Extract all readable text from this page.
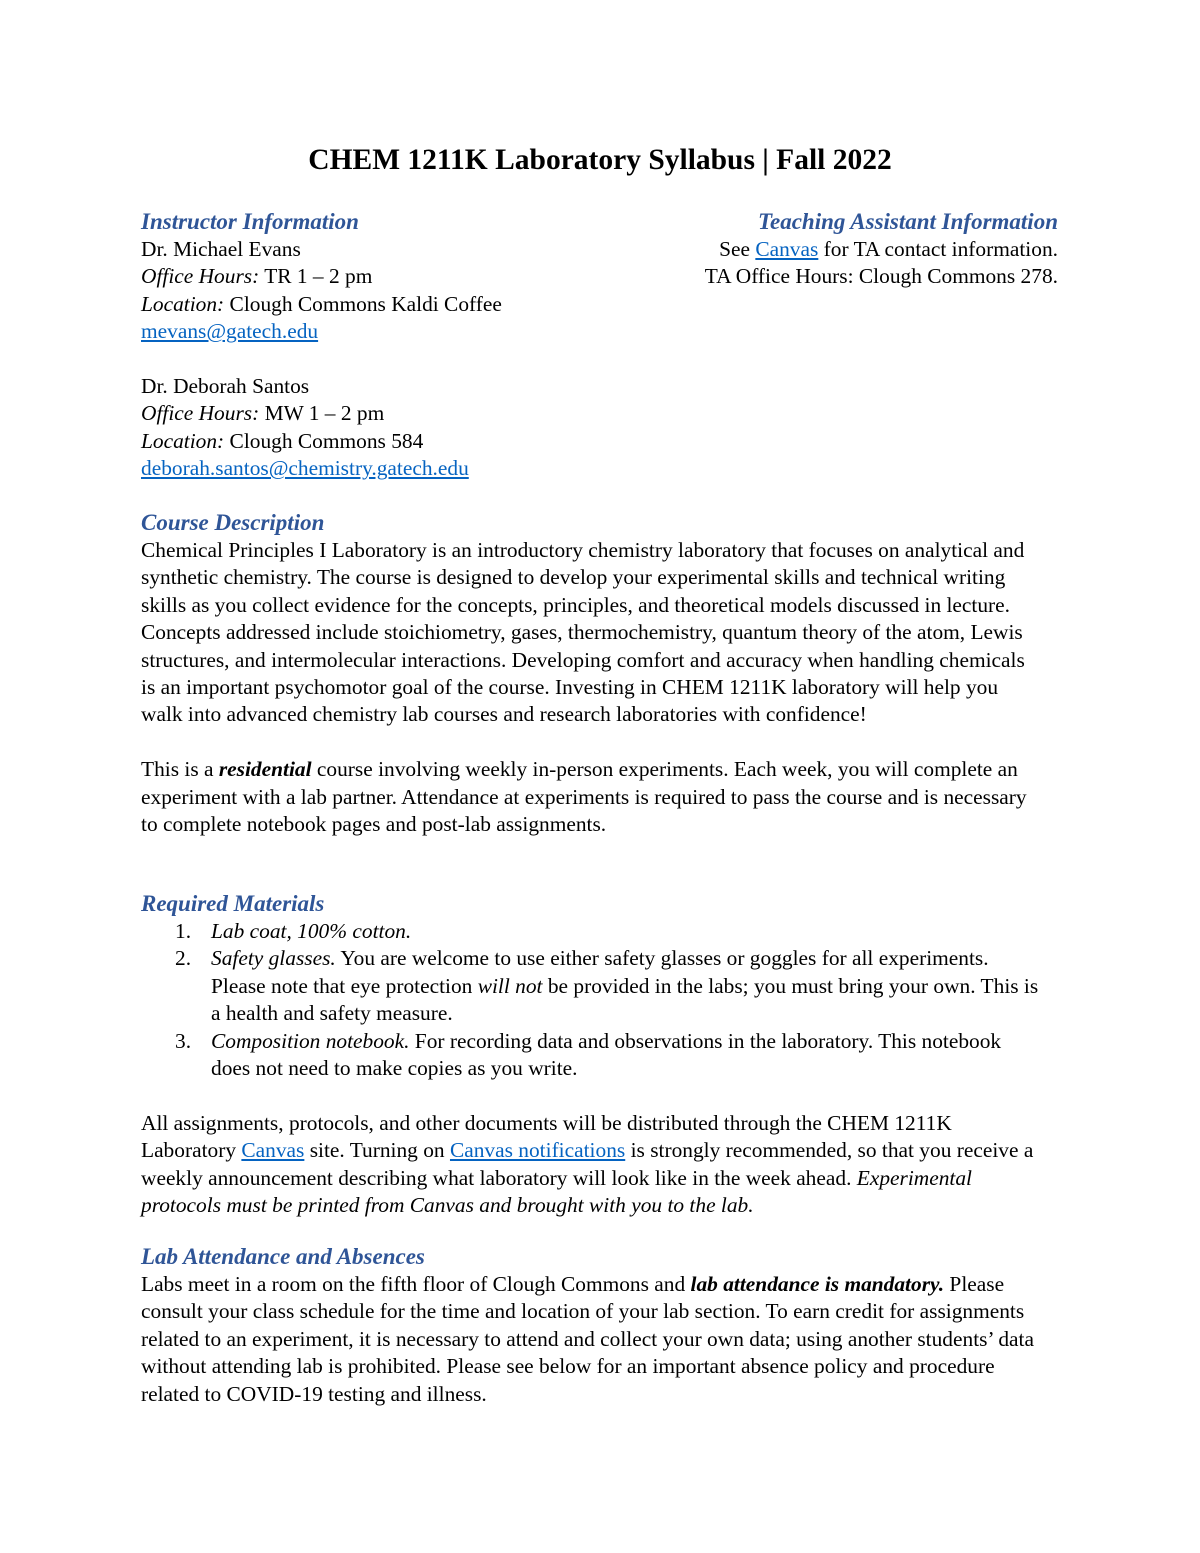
CHEM 1211K Laboratory Syllabus | Fall 2022

Instructor Information

Dr. Michael Evans

Office Hours: TR 1 – 2 pm

Location: Clough Commons Kaldi Coffee

mevans@gatech.edu

Dr. Deborah Santos

Office Hours: MW 1 – 2 pm

Location: Clough Commons 584

deborah.santos@chemistry.gatech.edu

Teaching Assistant Information

See Canvas for TA contact information.

TA Office Hours: Clough Commons 278.

Course Description

Chemical Principles I Laboratory is an introductory chemistry laboratory that focuses on analytical and synthetic chemistry. The course is designed to develop your experimental skills and technical writing skills as you collect evidence for the concepts, principles, and theoretical models discussed in lecture. Concepts addressed include stoichiometry, gases, thermochemistry, quantum theory of the atom, Lewis structures, and intermolecular interactions. Developing comfort and accuracy when handling chemicals is an important psychomotor goal of the course. Investing in CHEM 1211K laboratory will help you walk into advanced chemistry lab courses and research laboratories with confidence!

This is a residential course involving weekly in-person experiments. Each week, you will complete an experiment with a lab partner. Attendance at experiments is required to pass the course and is necessary to complete notebook pages and post-lab assignments.

Required Materials

1. Lab coat, 100% cotton.
2. Safety glasses. You are welcome to use either safety glasses or goggles for all experiments. Please note that eye protection will not be provided in the labs; you must bring your own. This is a health and safety measure.
3. Composition notebook. For recording data and observations in the laboratory. This notebook does not need to make copies as you write.

All assignments, protocols, and other documents will be distributed through the CHEM 1211K Laboratory Canvas site. Turning on Canvas notifications is strongly recommended, so that you receive a weekly announcement describing what laboratory will look like in the week ahead. Experimental protocols must be printed from Canvas and brought with you to the lab.

Lab Attendance and Absences

Labs meet in a room on the fifth floor of Clough Commons and lab attendance is mandatory. Please consult your class schedule for the time and location of your lab section. To earn credit for assignments related to an experiment, it is necessary to attend and collect your own data; using another students’ data without attending lab is prohibited. Please see below for an important absence policy and procedure related to COVID-19 testing and illness.
